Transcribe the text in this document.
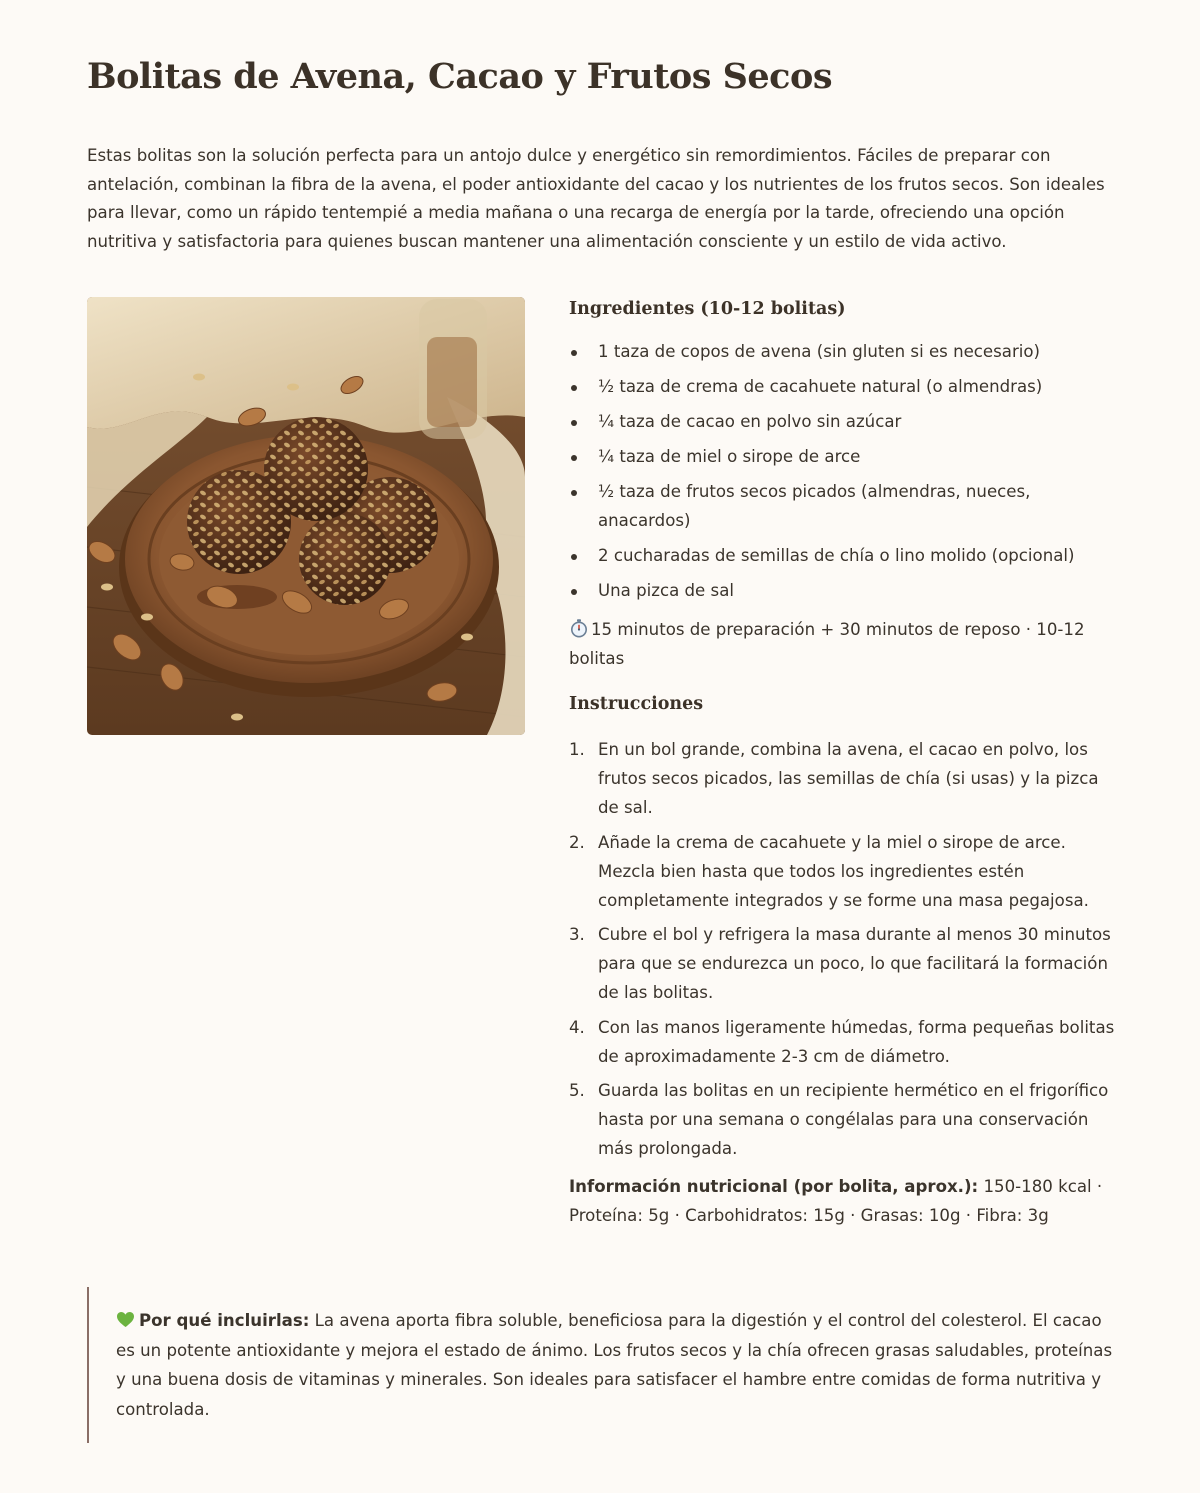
Bolitas de Avena, Cacao y Frutos Secos

Estas bolitas son la solución perfecta para un antojo dulce y energético sin remordimientos. Fáciles de preparar con antelación, combinan la fibra de la avena, el poder antioxidante del cacao y los nutrientes de los frutos secos. Son ideales para llevar, como un rápido tentempié a media mañana o una recarga de energía por la tarde, ofreciendo una opción nutritiva y satisfactoria para quienes buscan mantener una alimentación consciente y un estilo de vida activo.

Ingredientes (10-12 bolitas)
1 taza de copos de avena (sin gluten si es necesario)
½ taza de crema de cacahuete natural (o almendras)
¼ taza de cacao en polvo sin azúcar
¼ taza de miel o sirope de arce
½ taza de frutos secos picados (almendras, nueces, anacardos)
2 cucharadas de semillas de chía o lino molido (opcional)
Una pizca de sal

15 minutos de preparación + 30 minutos de reposo · 10-12 bolitas

Instrucciones
1. En un bol grande, combina la avena, el cacao en polvo, los frutos secos picados, las semillas de chía (si usas) y la pizca de sal.
2. Añade la crema de cacahuete y la miel o sirope de arce. Mezcla bien hasta que todos los ingredientes estén completamente integrados y se forme una masa pegajosa.
3. Cubre el bol y refrigera la masa durante al menos 30 minutos para que se endurezca un poco, lo que facilitará la formación de las bolitas.
4. Con las manos ligeramente húmedas, forma pequeñas bolitas de aproximadamente 2-3 cm de diámetro.
5. Guarda las bolitas en un recipiente hermético en el frigorífico hasta por una semana o congélalas para una conservación más prolongada.

Información nutricional (por bolita, aprox.): 150-180 kcal · Proteína: 5g · Carbohidratos: 15g · Grasas: 10g · Fibra: 3g

Por qué incluirlas: La avena aporta fibra soluble, beneficiosa para la digestión y el control del colesterol. El cacao es un potente antioxidante y mejora el estado de ánimo. Los frutos secos y la chía ofrecen grasas saludables, proteínas y una buena dosis de vitaminas y minerales. Son ideales para satisfacer el hambre entre comidas de forma nutritiva y controlada.
